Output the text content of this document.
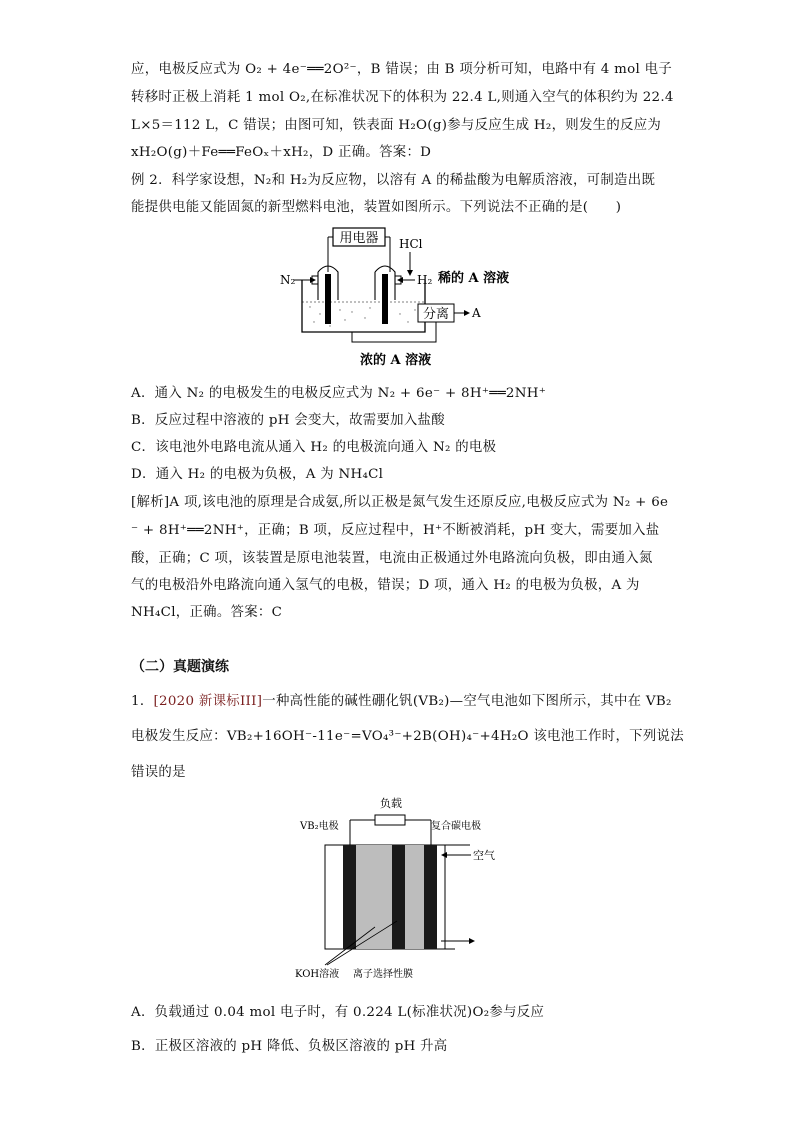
应，电极反应式为 O₂ + 4e⁻══2O²⁻，B 错误；由 B 项分析可知，电路中有 4 mol 电子
转移时正极上消耗 1 mol O₂,在标准状况下的体积为 22.4 L,则通入空气的体积约为 22.4
L×5＝112 L，C 错误；由图可知，铁表面 H₂O(g)参与反应生成 H₂，则发生的反应为
xH₂O(g)＋Fe══FeOₓ＋xH₂，D 正确。答案：D
例 2．科学家设想，N₂和 H₂为反应物，以溶有 A 的稀盐酸为电解质溶液，可制造出既
能提供电能又能固氮的新型燃料电池，装置如图所示。下列说法不正确的是(　　)
用电器 HCl
N₂	H₂ 稀的 A 溶液
分离 A
浓的 A 溶液
A．通入 N₂ 的电极发生的电极反应式为 N₂ + 6e⁻ + 8H⁺══2NH⁺
B．反应过程中溶液的 pH 会变大，故需要加入盐酸
C．该电池外电路电流从通入 H₂ 的电极流向通入 N₂ 的电极
D．通入 H₂ 的电极为负极，A 为 NH₄Cl
[解析]A 项,该电池的原理是合成氨,所以正极是氮气发生还原反应,电极反应式为 N₂ + 6e
⁻ + 8H⁺══2NH⁺，正确；B 项，反应过程中，H⁺不断被消耗，pH 变大，需要加入盐
酸，正确；C 项，该装置是原电池装置，电流由正极通过外电路流向负极，即由通入氮
气的电极沿外电路流向通入氢气的电极，错误；D 项，通入 H₂ 的电极为负极，A 为
NH₄Cl，正确。答案：C
（二）真题演练
1．[2020 新课标III]一种高性能的碱性硼化钒(VB₂)—空气电池如下图所示，其中在 VB₂
电极发生反应：VB₂+16OH⁻-11e⁻=VO₄³⁻+2B(OH)₄⁻+4H₂O 该电池工作时，下列说法
错误的是
负载
VB₂电极	复合碳电极
空气
KOH溶液 离子选择性膜
A．负载通过 0.04 mol 电子时，有 0.224 L(标准状况)O₂参与反应
B．正极区溶液的 pH 降低、负极区溶液的 pH 升高
